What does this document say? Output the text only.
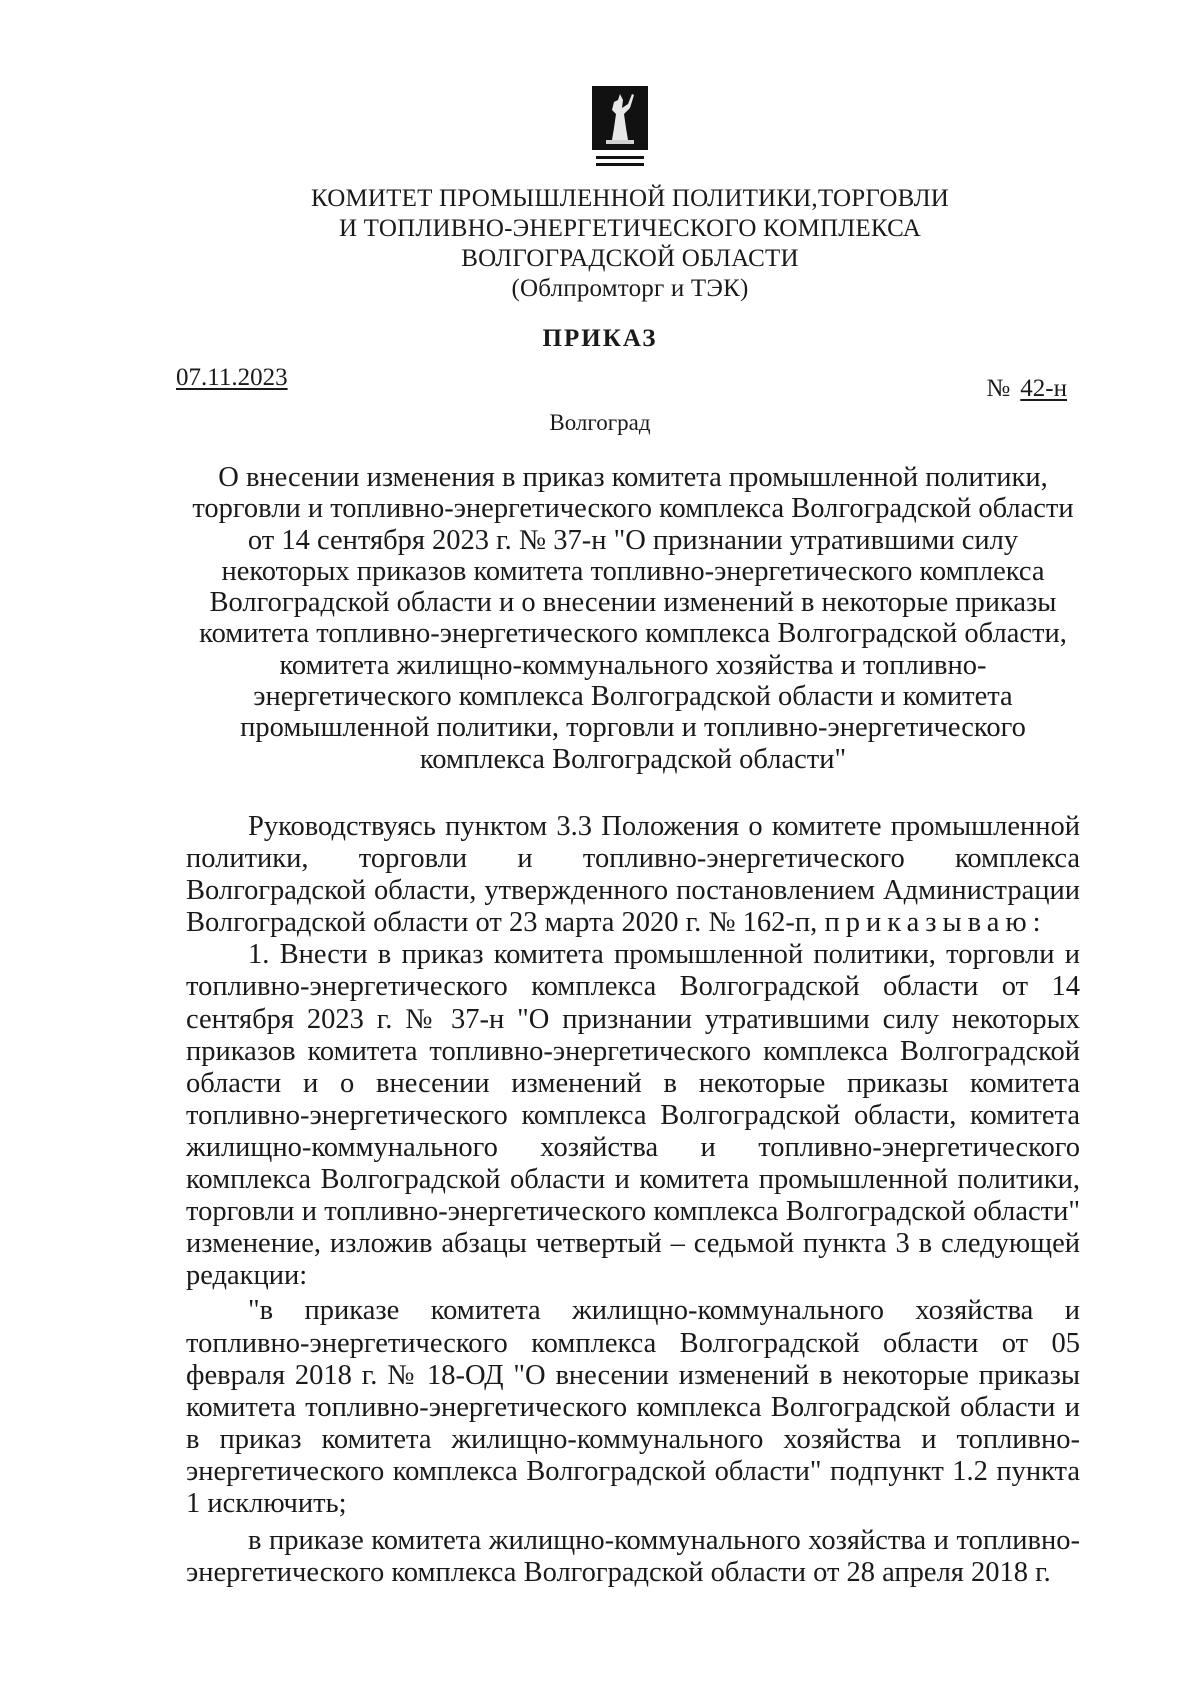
КОМИТЕТ ПРОМЫШЛЕННОЙ ПОЛИТИКИ,ТОРГОВЛИ
И ТОПЛИВНО-ЭНЕРГЕТИЧЕСКОГО КОМПЛЕКСА
ВОЛГОГРАДСКОЙ ОБЛАСТИ
(Облпромторг и ТЭК)
ПРИКАЗ
07.11.2023	№ 42-н
Волгоград
О внесении изменения в приказ комитета промышленной политики, торговли и топливно-энергетического комплекса Волгоградской области от 14 сентября 2023 г. № 37-н "О признании утратившими силу некоторых приказов комитета топливно-энергетического комплекса Волгоградской области и о внесении изменений в некоторые приказы комитета топливно-энергетического комплекса Волгоградской области, комитета жилищно-коммунального хозяйства и топливно-энергетического комплекса Волгоградской области и комитета промышленной политики, торговли и топливно-энергетического комплекса Волгоградской области"

Руководствуясь пунктом 3.3 Положения о комитете промышленной политики, торговли и топливно-энергетического комплекса Волгоградской области, утвержденного постановлением Администрации Волгоградской области от 23 марта 2020 г. № 162-п, приказываю:

1. Внести в приказ комитета промышленной политики, торговли и топливно-энергетического комплекса Волгоградской области от 14 сентября 2023 г. № 37-н "О признании утратившими силу некоторых приказов комитета топливно-энергетического комплекса Волгоградской области и о внесении изменений в некоторые приказы комитета топливно-энергетического комплекса Волгоградской области, комитета жилищно-коммунального хозяйства и топливно-энергетического комплекса Волгоградской области и комитета промышленной политики, торговли и топливно-энергетического комплекса Волгоградской области" изменение, изложив абзацы четвертый – седьмой пункта 3 в следующей редакции:

"в приказе комитета жилищно-коммунального хозяйства и топливно-энергетического комплекса Волгоградской области от 05 февраля 2018 г. № 18-ОД "О внесении изменений в некоторые приказы комитета топливно-энергетического комплекса Волгоградской области и в приказ комитета жилищно-коммунального хозяйства и топливно-энергетического комплекса Волгоградской области" подпункт 1.2 пункта 1 исключить;

в приказе комитета жилищно-коммунального хозяйства и топливно-энергетического комплекса Волгоградской области от 28 апреля 2018 г.
